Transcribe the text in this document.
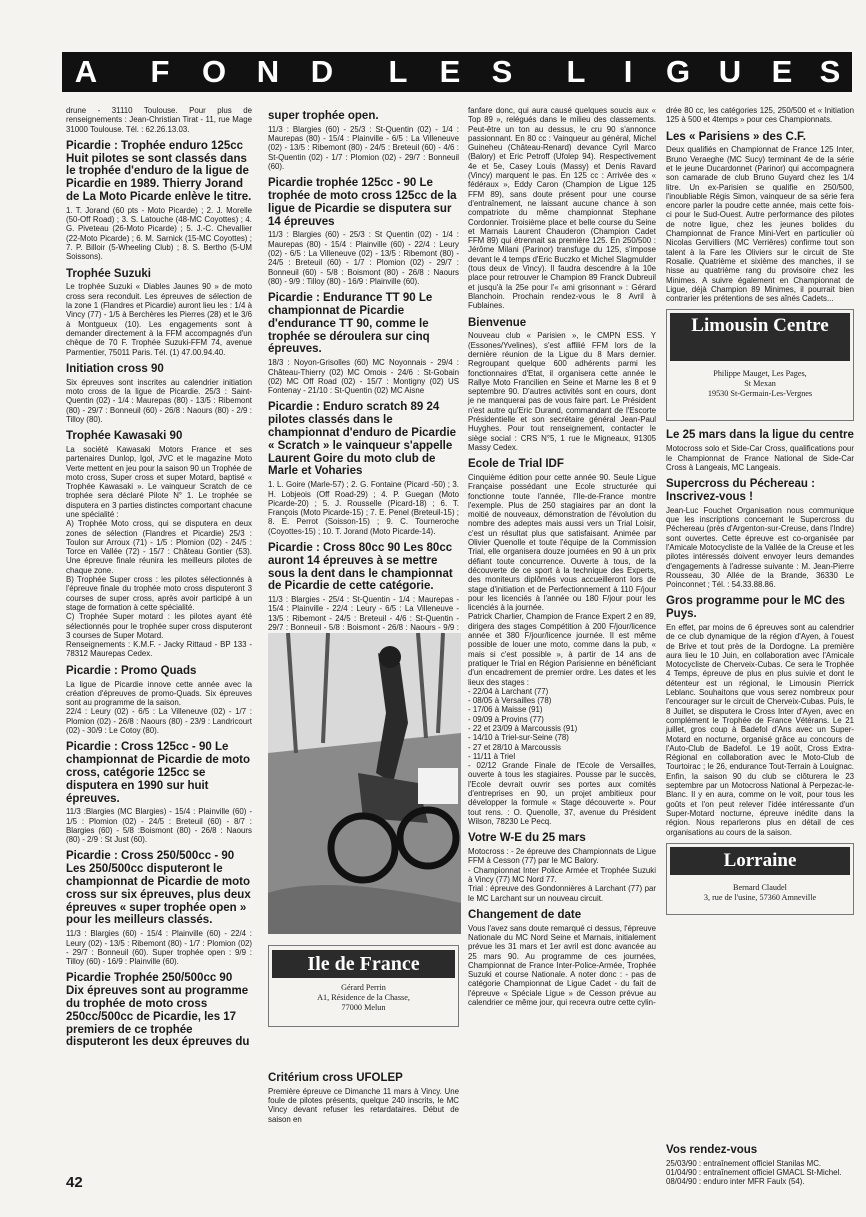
A	F	O N D	L	E	S	L	I	G U E S
drune - 31110 Toulouse. Pour plus de renseignements : Jean-Christian Tirat - 11, rue Mage 31000 Toulouse. Tél. : 62.26.13.03.
Picardie : Trophée enduro 125cc Huit pilotes se sont classés dans le trophée d'enduro de la ligue de Picardie en 1989. Thierry Jorand de La Moto Picarde enlève le titre.
1. T. Jorand (60 pts - Moto Picarde) ; 2. J. Morelle (50-Off Road) ; 3. S. Latouche (48-MC Coyottes) ; 4. G. Piveteau (26-Moto Picarde) ; 5. J.-C. Chevallier (22-Moto Picarde) ; 6. M. Sarnick (15-MC Coyottes) ; 7. P. Billoir (5-Wheeling Club) ; 8. S. Bertho (5-UM Soissons).
Trophée Suzuki
Le trophée Suzuki « Diables Jaunes 90 » de moto cross sera reconduit. Les épreuves de sélection de la zone 1 (Flandres et Picardie) auront lieu les : 1/4 à Vincy (77) - 1/5 à Berchères les Pierres (28) et le 3/6 à Montgueux (10). Les engagements sont à demander directement à la FFM accompagnés d'un chèque de 70 F. Trophée Suzuki-FFM 74, avenue Parmentier, 75011 Paris. Tél. (1) 47.00.94.40.
Initiation cross 90
Six épreuves sont inscrites au calendrier initiation moto cross de la ligue de Picardie. 25/3 : Saint-Quentin (02) - 1/4 : Maurepas (80) - 13/5 : Ribemont (80) - 29/7 : Bonneuil (60) - 26/8 : Naours (80) - 2/9 : Tilloy (80).
Trophée Kawasaki 90
La société Kawasaki Motors France et ses partenaires Dunlop, Igol, JVC et le magazine Moto Verte mettent en jeu pour la saison 90 un Trophée de moto cross, Super cross et super Motard, baptisé « Trophée Kawasaki ». Le vainqueur Scratch de ce trophée sera déclaré Pilote N° 1. Le trophée se disputera en 3 parties distinctes comportant chacune une spécialité :
A) Trophée Moto cross, qui se disputera en deux zones de sélection (Flandres et Picardie) 25/3 : Toulon sur Arroux (71) - 1/5 : Plomion (02) - 24/5 : Torce en Vallée (72) - 15/7 : Château Gontier (53). Une épreuve finale réunira les meilleurs pilotes de chaque zone.
B) Trophée Super cross : les pilotes sélectionnés à l'épreuve finale du trophée moto cross disputeront 3 courses de super cross, après avoir participé à un stage de formation à cette spécialité.
C) Trophée Super motard : les pilotes ayant été sélectionnés pour le trophée super cross disputeront 3 courses de Super Motard.
Renseignements : K.M.F. - Jacky Rittaud - BP 133 - 78312 Maurepas Cedex.
Picardie : Promo Quads
La ligue de Picardie innove cette année avec la création d'épreuves de promo-Quads. Six épreuves sont au programme de la saison.
22/4 : Leury (02) - 6/5 : La Villeneuve (02) - 1/7 : Plomion (02) - 26/8 : Naours (80) - 23/9 : Landricourt (02) - 30/9 : Le Cotoy (80).
Picardie : Cross 125cc - 90 Le championnat de Picardie de moto cross, catégorie 125cc se disputera en 1990 sur huit épreuves.
11/3 :Blargies (MC Blargies) - 15/4 : Plainville (60) - 1/5 : Plomion (02) - 24/5 : Breteuil (60) - 8/7 : Blargies (60) - 5/8 :Boismont (80) - 26/8 : Naours (80) - 2/9 : St Just (60).
Picardie : Cross 250/500cc - 90 Les 250/500cc disputeront le championnat de Picardie de moto cross sur six épreuves, plus deux épreuves « super trophée open » pour les meilleurs classés.
11/3 : Blargies (60) - 15/4 : Plainville (60) - 22/4 : Leury (02) - 13/5 : Ribemont (80) - 1/7 : Plomion (02) - 29/7 : Bonneuil (60). Super trophée open : 9/9 : Tilloy (60) - 16/9 : Plainville (60).
Picardie Trophée 250/500cc 90 Dix épreuves sont au programme du trophée de moto cross 250cc/500cc de Picardie, les 17 premiers de ce trophée disputeront les deux épreuves du
super trophée open.
11/3 : Blargies (60) - 25/3 : St-Quentin (02) - 1/4 : Maurepas (80) - 15/4 : Plainville - 6/5 : La Villeneuve (02) - 13/5 : Ribemont (80) - 24/5 : Breteuil (60) - 4/6 : St-Quentin (02) - 1/7 : Plomion (02) - 29/7 : Bonneuil (60).
Picardie trophée 125cc - 90 Le trophée de moto cross 125cc de la ligue de Picardie se disputera sur 14 épreuves
11/3 : Blargies (60) - 25/3 : St Quentin (02) - 1/4 : Maurepas (80) - 15/4 : Plainville (60) - 22/4 : Leury (02) - 6/5 : La Villeneuve (02) - 13/5 : Ribemont (80) - 24/5 : Breteuil (60) - 1/7 : Plomion (02) - 29/7 : Bonneuil (60) - 5/8 : Boismont (80) - 26/8 : Naours (80) - 9/9 : Tilloy (80) - 16/9 : Plainville (60).
Picardie : Endurance TT 90 Le championnat de Picardie d'endurance TT 90, comme le trophée se déroulera sur cinq épreuves.
18/3 : Noyon-Grisolles (60) MC Noyonnais - 29/4 : Château-Thierry (02) MC Omois - 24/6 : St-Gobain (02) MC Off Road (02) - 15/7 : Montigny (02) US Fontenay - 21/10 : St-Quentin (02) MC Aisne
Picardie : Enduro scratch 89 24 pilotes classés dans le championnat d'enduro de Picardie « Scratch » le vainqueur s'appelle Laurent Goire du moto club de Marle et Voharies
1. L. Goire (Marle-57) ; 2. G. Fontaine (Picard -50) ; 3. H. Lobjeois (Off Road-29) ; 4. P. Guegan (Moto Picarde-20) ; 5. J. Rousselle (Picard-18) ; 6. T. François (Moto Picarde-15) ; 7. E. Penel (Breteuil-15) ; 8. E. Perrot (Soisson-15) ; 9. C. Tourneroche (Coyottes-15) ; 10. T. Jorand (Moto Picarde-14).
Picardie : Cross 80cc 90 Les 80cc auront 14 épreuves à se mettre sous la dent dans le championnat de Picardie de cette catégorie.
11/3 : Blargies - 25/4 : St-Quentin - 1/4 : Maurepas - 15/4 : Plainville - 22/4 : Leury - 6/5 : La Villeneuve - 13/5 : Ribemont - 24/5 : Breteuil - 4/6 : St-Quentin - 29/7 : Bonneuil - 5/8 : Boismont - 26/8 : Naours - 9/9 :
Ile de France
Gérard Perrin
A1, Résidence de la Chasse,
77000 Melun
Critérium cross UFOLEP
Première épreuve ce Dimanche 11 mars à Vincy. Une foule de pilotes présents, quelque 240 inscrits, le MC Vincy devant refuser les retardataires. Début de saison en
fanfare donc, qui aura causé quelques soucis aux « Top 89 », relégués dans le milieu des classements. Peut-être un ton au dessus, le cru 90 s'annonce passionnant. En 80 cc : Vainqueur au général, Michel Guineheu (Château-Renard) devance Cyril Marco (Balory) et Eric Petroff (Ufolep 94). Respectivement 4e et 5e, Casey Louis (Massy) et Denis Ravard (Vincy) marquent le pas. En 125 cc : Arrivée des « fédéraux », Eddy Caron (Champion de Ligue 125 FFM 89), sans doute présent pour une course d'entraînement, ne laissant aucune chance à son compatriote du même championnat Stephane Cordonnier. Troisième place et belle course du Seine et Marnais Laurent Chauderon (Champion Cadet FFM 89) qui étrennait sa première 125. En 250/500 : Jérôme Milani (Parinor) transfuge du 125, s'impose devant le 4 temps d'Eric Buczko et Michel Slagmulder (tous deux de Vincy). Il faudra descendre à la 10e place pour retrouver le Champion 89 Franck Dubreuil et jusqu'à la 25e pour l'« ami grisonnant » : Gérard Blanchoin. Prochain rendez-vous le 8 Avril à Fublaines.
Bienvenue
Nouveau club « Parisien », le CMPN ESS. Y (Essones/Yvelines), s'est affilié FFM lors de la dernière réunion de la Ligue du 8 Mars dernier. Regroupant quelque 600 adhérents parmi les fonctionnaires d'Etat, il organisera cette année le Rallye Moto Francilien en Seine et Marne les 8 et 9 septembre 90. D'autres activités sont en cours, dont je ne manquerai pas de vous faire part. Le Président n'est autre qu'Eric Durand, commandant de l'Escorte Présidentielle et son secrétaire général Jean-Paul Huyghes. Pour tout renseignement, contacter le siège social : CRS N°5, 1 rue le Migneaux, 91305 Massy Cedex.
Ecole de Trial IDF
Cinquième édition pour cette année 90. Seule Ligue Française possédant une Ecole structurée qui fonctionne toute l'année, l'Ile-de-France montre l'exemple. Plus de 250 stagiaires par an dont la moitié de nouveaux, démonstration de l'évolution du nombre des adeptes mais aussi vers un Trial Loisir, c'est un résultat plus que satisfaisant. Animée par Olivier Quenolle et toute l'équipe de la Commission Trial, elle organisera douze journées en 90 à un prix défiant toute concurrence. Ouverte à tous, de la découverte de ce sport à la technique des Experts, des moniteurs diplômés vous accueilleront lors de stage d'initiation et de Perfectionnement à 110 F/jour pour les licenciés à l'année ou 180 F/jour pour les licenciés à la journée.
Patrick Charlier, Champion de France Expert 2 en 89, dirigera des stages Compétition à 200 F/jour/licence année et 380 F/jour/licence journée. Il est même possible de louer une moto, comme dans la pub, « mais si c'est possible », à partir de 14 ans de pratiquer le Trial en Région Parisienne en bénéficiant d'un encadrement de premier ordre. Les dates et les lieux des stages :
- 22/04 à Larchant (77)
- 08/05 à Versailles (78)
- 17/06 à Maisse (91)
- 09/09 à Provins (77)
- 22 et 23/09 à Marcoussis (91)
- 14/10 à Triel-sur-Seine (78)
- 27 et 28/10 à Marcoussis
- 11/11 à Triel
- 02/12 Grande Finale de l'Ecole de Versailles, ouverte à tous les stagiaires. Pousse par le succès, l'Ecole devrait ouvrir ses portes aux comités d'entreprises en 90, un projet ambitieux pour développer la formule « Stage découverte ». Pour tout rens. : O. Quenolle, 37, avenue du Président Wilson, 78230 Le Pecq.
Votre W-E du 25 mars
Motocross : - 2e épreuve des Championnats de Ligue FFM à Cesson (77) par le MC Balory.
- Championnat Inter Police Armée et Trophée Suzuki à Vincy (77) MC Nord 77.
Trial : épreuve des Gondonnières à Larchant (77) par le MC Larchant sur un nouveau circuit.
Changement de date
Vous l'avez sans doute remarqué ci dessus, l'épreuve Nationale du MC Nord Seine et Marnais, initialement prévue les 31 mars et 1er avril est donc avancée au 25 mars 90. Au programme de ces journées, Championnat de France Inter-Police-Armée, Trophée Suzuki et course Nationale. A noter donc : - pas de catégorie Championnat de Ligue Cadet - du fait de l'épreuve « Spéciale Ligue » de Cesson prévue au calendrier ce même jour, qui recevra outre cette cylin-
drée 80 cc, les catégories 125, 250/500 et « Initiation 125 à 500 et 4temps » pour ces Championnats.
Les « Parisiens » des C.F.
Deux qualifiés en Championnat de France 125 Inter, Bruno Veraeghe (MC Sucy) terminant 4e de la série et le jeune Ducardonnet (Parinor) qui accompagnera son camarade de club Bruno Guyard chez les 1/4 litre. Un ex-Parisien se qualifie en 250/500, l'inoubliable Régis Simon, vainqueur de sa série fera encore parler la poudre cette année, mais cette fois-ci pour le Sud-Ouest. Autre performance des pilotes de notre ligue, chez les jeunes bolides du Championnat de France Mini-Vert en particulier où Nicolas Gervilliers (MC Verrières) confirme tout son talent à la Fare les Oliviers sur le circuit de Ste Rosalie. Quatrième et sixième des manches, il se hisse au quatrième rang du provisoire chez les Minimes. A suivre également en Championnat de Ligue, déjà Champion 89 Minimes, il pourrait bien contrarier les prétentions de ses aînés Cadets...
Limousin Centre
Philippe Mauget, Les Pages,
St Mexan
19530 St-Germain-Les-Vergnes
Le 25 mars dans la ligue du centre
Motocross solo et Side-Car Cross, qualifications pour le Championnat de France National de Side-Car Cross à Langeais, MC Langeais.
Supercross du Péchereau : Inscrivez-vous !
Jean-Luc Fouchet Organisation nous communique que les inscriptions concernant le Supercross du Péchereau (près d'Argenton-sur-Creuse, dans l'Indre) sont ouvertes. Cette épreuve est co-organisée par l'Amicale Motocycliste de la Vallée de la Creuse et les pilotes intéressés doivent envoyer leurs demandes d'engagements à l'adresse suivante : M. Jean-Pierre Rousseau, 30 Allée de la Brande, 36330 Le Poinconnet ; Tél. : 54.33.88.86.
Gros programme pour le MC des Puys.
En effet, par moins de 6 épreuves sont au calendrier de ce club dynamique de la région d'Ayen, à l'ouest de Brive et tout près de la Dordogne. La première aura lieu le 10 Juin, en collaboration avec l'Amicale Motocycliste de Cherveix-Cubas. Ce sera le Trophée 4 Temps, épreuve de plus en plus suivie et dont le détenteur est un régional, le Limousin Pierrick Leblanc. Souhaitons que vous serez nombreux pour l'encourager sur le circuit de Cherveix-Cubas. Puis, le 8 Juillet, se disputera le Cross Inter d'Ayen, avec en complément le Trophée de France Vétérans. Le 21 juillet, gros coup à Badefol d'Ans avec un Super-Motard en nocturne, organisé grâce au concours de l'Auto-Club de Badefol. Le 19 août, Cross Extra-Régional en collaboration avec le Moto-Club de Tourtoirac ; le 26, endurance Tout-Terrain à Louignac. Enfin, la saison 90 du club se clôturera le 23 septembre par un Motocross National à Perpezac-le-Blanc. Il y en aura, comme on le voit, pour tous les goûts et l'on peut relever l'idée intéressante d'un Super-Motard nocturne, épreuve inédite dans la région. Nous reparlerons plus en détail de ces organisations au cours de la saison.
Lorraine
Bernard Claudel
3, rue de l'usine, 57360 Amneville
Vos rendez-vous
25/03/90 : entraînement officiel Stanilas MC.
01/04/90 : entraînement officiel GMACL St-Michel.
08/04/90 : enduro inter MFR Faulx (54).
42
